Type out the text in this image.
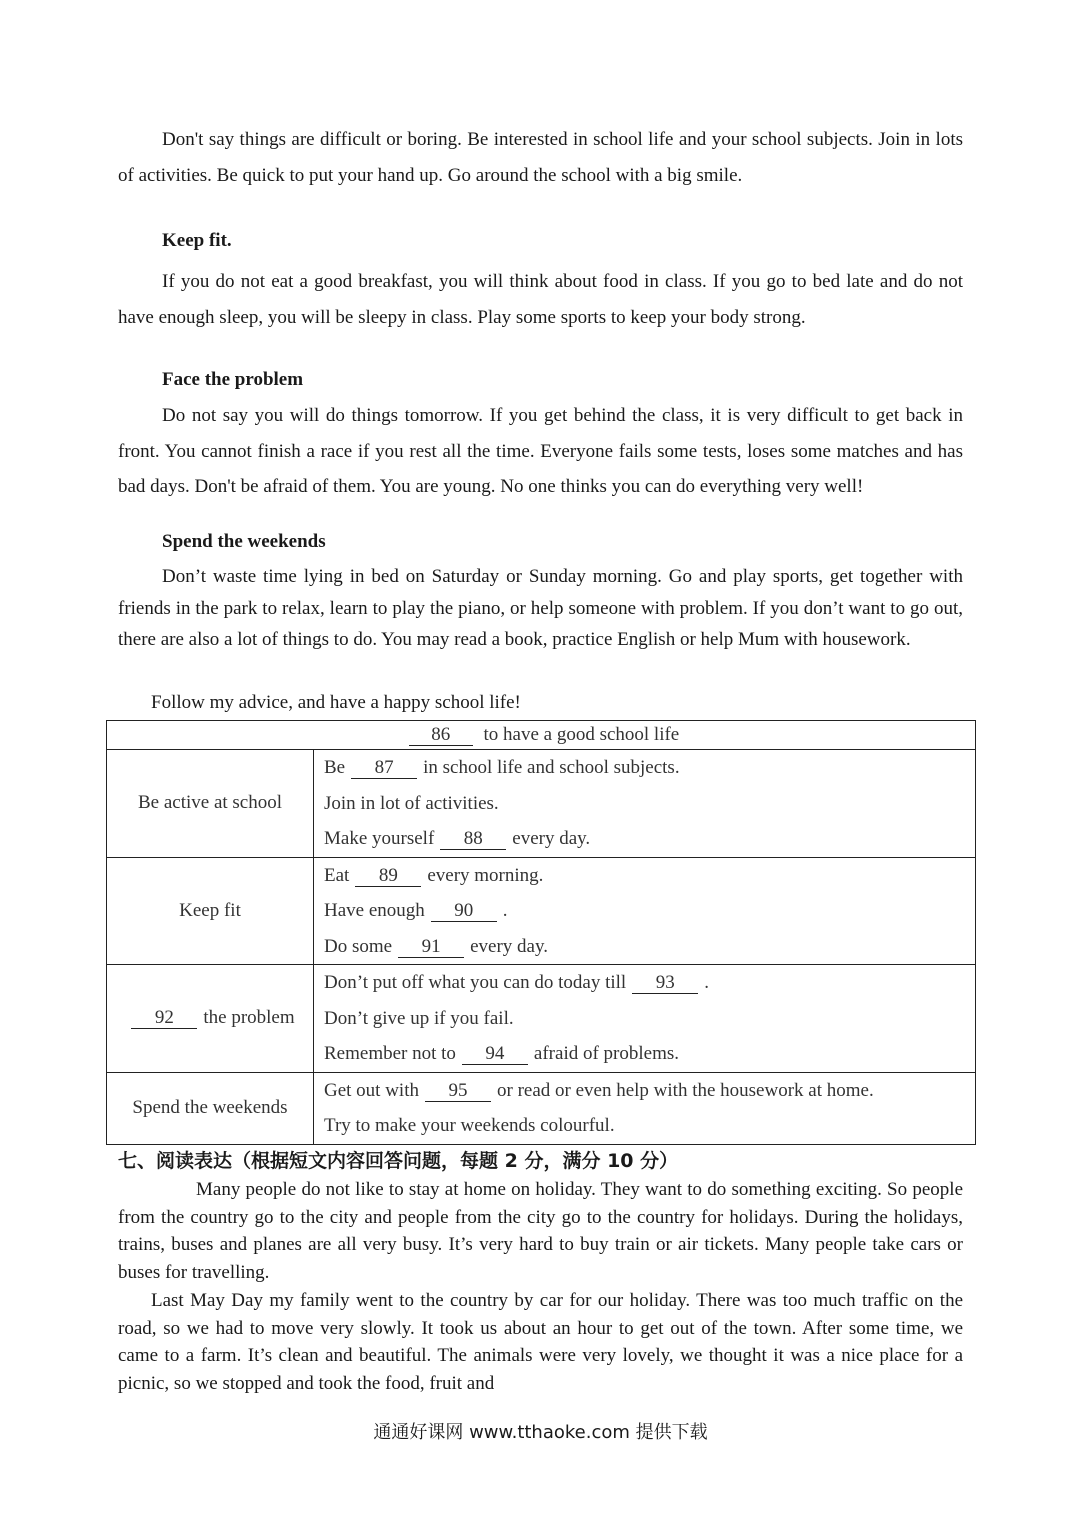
Don't say things are difficult or boring. Be interested in school life and your school subjects. Join in lots of activities. Be quick to put your hand up. Go around the school with a big smile.

Keep fit.

If you do not eat a good breakfast, you will think about food in class. If you go to bed late and do not have enough sleep, you will be sleepy in class. Play some sports to keep your body strong.

Face the problem

Do not say you will do things tomorrow. If you get behind the class, it is very difficult to get back in front. You cannot finish a race if you rest all the time. Everyone fails some tests, loses some matches and has bad days. Don't be afraid of them. You are young. No one thinks you can do everything very well!

Spend the weekends

Don’t waste time lying in bed on Saturday or Sunday morning. Go and play sports, get together with friends in the park to relax, learn to play the piano, or help someone with problem. If you don’t want to go out, there are also a lot of things to do. You may read a book, practice English or help Mum with housework.

Follow my advice, and have a happy school life!

86 to have a good school life	
Be active at school	Be 87 in school life and school subjects.
Join in lot of activities.
Make yourself 88 every day.

Keep fit	Eat 89 every morning.
Have enough 90 .
Do some 91 every day.

92 the problem	Don’t put off what you can do today till 93 .
Don’t give up if you fail.
Remember not to 94 afraid of problems.

Spend the weekends	Get out with 95 or read or even help with the housework at home.
Try to make your weekends colourful.

七、阅读表达（根据短文内容回答问题，每题 2 分，满分 10 分）

Many people do not like to stay at home on holiday. They want to do something exciting. So people from the country go to the city and people from the city go to the country for holidays. During the holidays, trains, buses and planes are all very busy. It’s very hard to buy train or air tickets. Many people take cars or buses for travelling.

Last May Day my family went to the country by car for our holiday. There was too much traffic on the road, so we had to move very slowly. It took us about an hour to get out of the town. After some time, we came to a farm. It’s clean and beautiful. The animals were very lovely, we thought it was a nice place for a picnic, so we stopped and took the food, fruit and

通通好课网 www.tthaoke.com 提供下载
